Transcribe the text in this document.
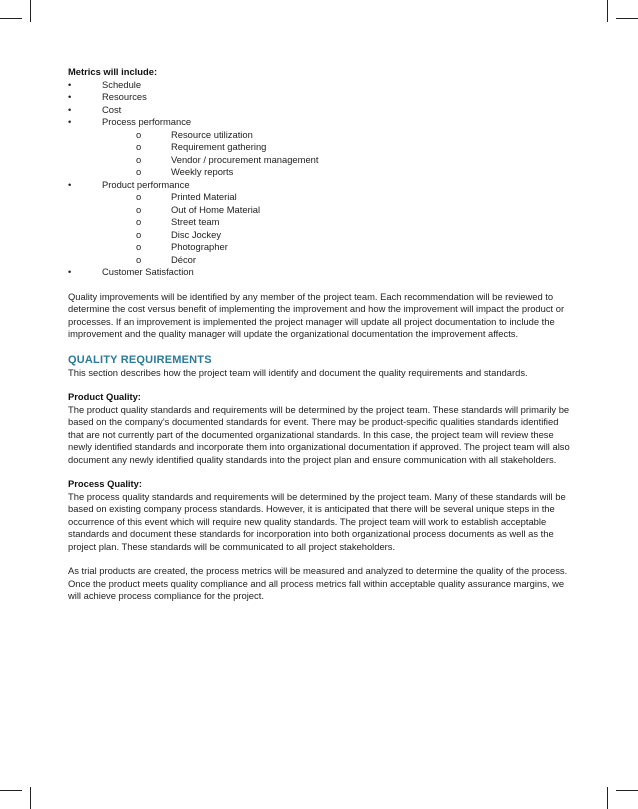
Metrics will include:

•	Schedule
•	Resources
•	Cost
•	Process performance
o	Resource utilization
o	Requirement gathering
o	Vendor / procurement management
o	Weekly reports
•	Product performance
o	Printed Material
o	Out of Home Material
o	Street team
o	Disc Jockey
o	Photographer
o	Décor
•	Customer Satisfaction

Quality improvements will be identified by any member of the project team. Each recommendation will be reviewed to determine the cost versus benefit of implementing the improvement and how the improvement will impact the product or processes. If an improvement is implemented the project manager will update all project documentation to include the improvement and the quality manager will update the organizational documentation the improvement affects.

QUALITY REQUIREMENTS

This section describes how the project team will identify and document the quality requirements and standards.

Product Quality:

The product quality standards and requirements will be determined by the project team. These standards will primarily be based on the company's documented standards for event. There may be product-specific qualities standards identified that are not currently part of the documented organizational standards. In this case, the project team will review these newly identified standards and incorporate them into organizational documentation if approved. The project team will also document any newly identified quality standards into the project plan and ensure communication with all stakeholders.

Process Quality:

The process quality standards and requirements will be determined by the project team. Many of these standards will be based on existing company process standards. However, it is anticipated that there will be several unique steps in the occurrence of this event which will require new quality standards. The project team will work to establish acceptable standards and document these standards for incorporation into both organizational process documents as well as the project plan. These standards will be communicated to all project stakeholders.

As trial products are created, the process metrics will be measured and analyzed to determine the quality of the process. Once the product meets quality compliance and all process metrics fall within acceptable quality assurance margins, we will achieve process compliance for the project.
